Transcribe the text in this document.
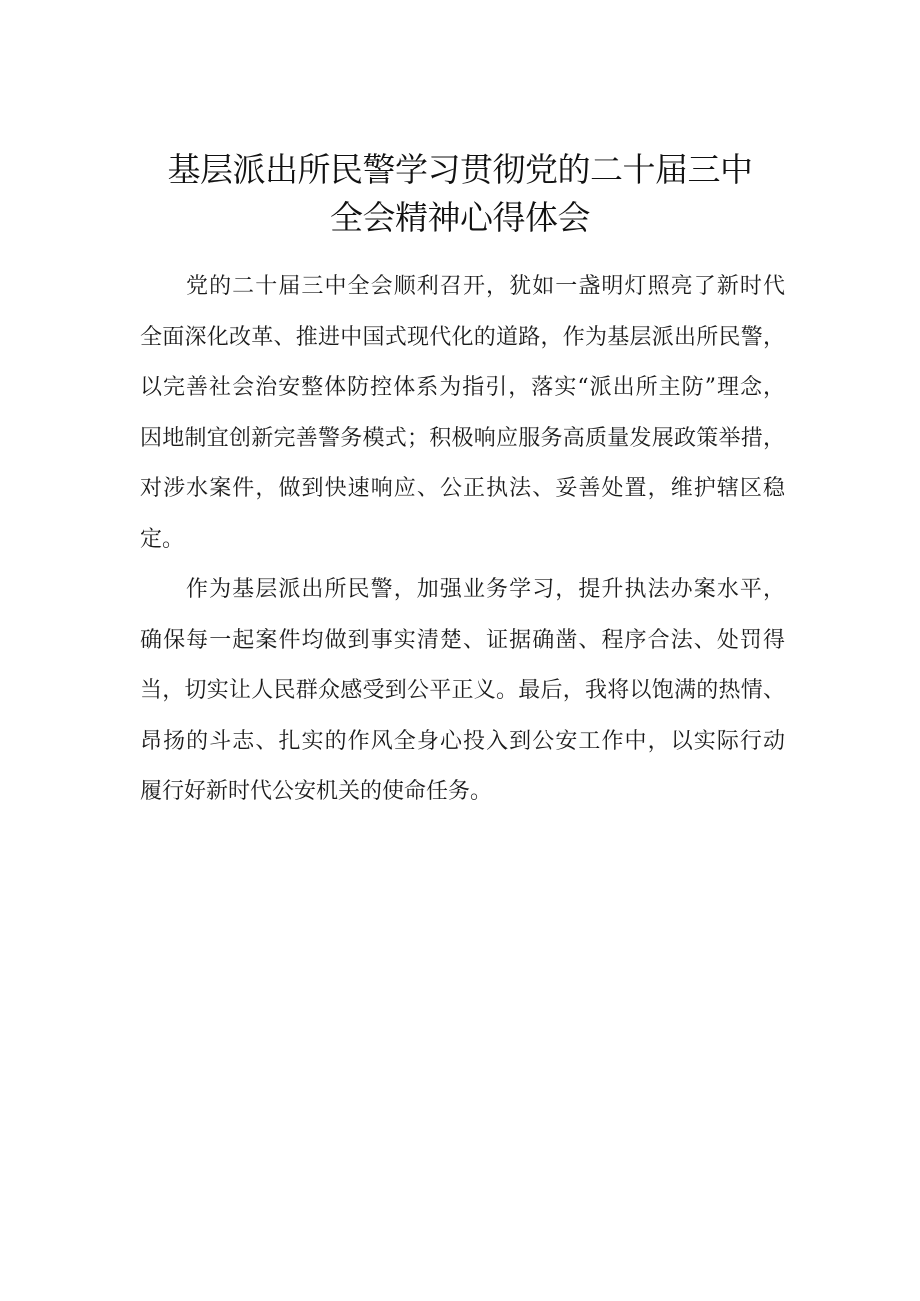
基层派出所民警学习贯彻党的二十届三中
全会精神心得体会
党的二十届三中全会顺利召开，犹如一盏明灯照亮了新时代
全面深化改革、推进中国式现代化的道路，作为基层派出所民警，
以完善社会治安整体防控体系为指引，落实“派出所主防”理念，
因地制宜创新完善警务模式；积极响应服务高质量发展政策举措，
对涉水案件，做到快速响应、公正执法、妥善处置，维护辖区稳
定。
作为基层派出所民警，加强业务学习，提升执法办案水平，
确保每一起案件均做到事实清楚、证据确凿、程序合法、处罚得
当，切实让人民群众感受到公平正义。最后，我将以饱满的热情、
昂扬的斗志、扎实的作风全身心投入到公安工作中，以实际行动
履行好新时代公安机关的使命任务。
